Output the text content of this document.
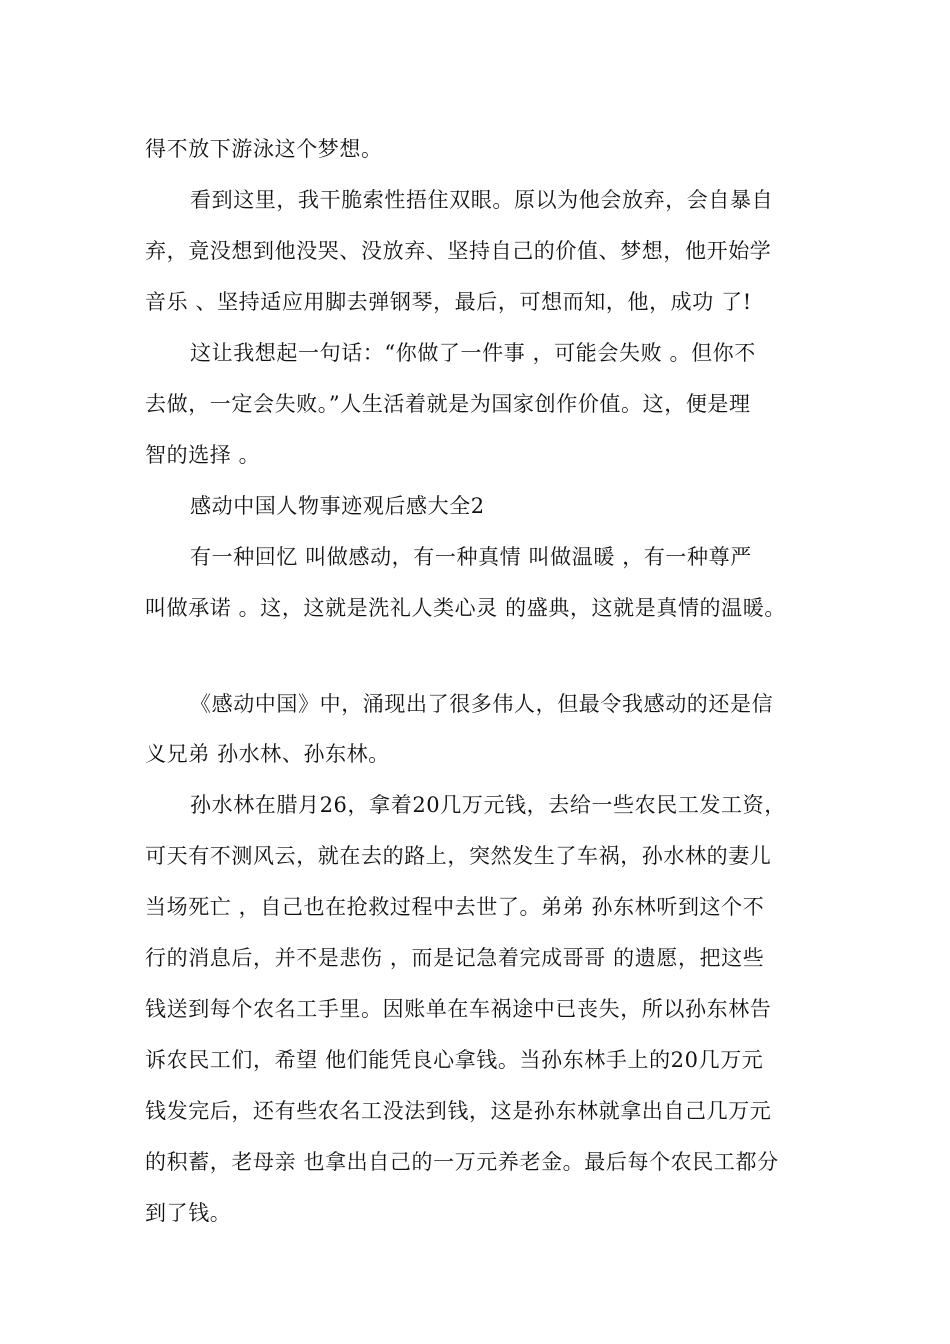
得不放下游泳这个梦想。
看到这里，我干脆索性捂住双眼。原以为他会放弃，会自暴自
弃，竟没想到他没哭、没放弃、坚持自己的价值、梦想，他开始学
音乐 、坚持适应用脚去弹钢琴，最后，可想而知，他，成功 了!
这让我想起一句话：“你做了一件事 ，可能会失败 。但你不
去做，一定会失败。”人生活着就是为国家创作价值。这，便是理
智的选择 。
感动中国人物事迹观后感大全2
有一种回忆 叫做感动，有一种真情 叫做温暖 ，有一种尊严
叫做承诺 。这，这就是洗礼人类心灵 的盛典，这就是真情的温暖。
《感动中国》中，涌现出了很多伟人，但最令我感动的还是信
义兄弟 孙水林、孙东林。
孙水林在腊月26，拿着20几万元钱，去给一些农民工发工资，
可天有不测风云，就在去的路上，突然发生了车祸，孙水林的妻儿
当场死亡 ，自己也在抢救过程中去世了。弟弟 孙东林听到这个不
行的消息后，并不是悲伤 ，而是记急着完成哥哥 的遗愿，把这些
钱送到每个农名工手里。因账单在车祸途中已丧失，所以孙东林告
诉农民工们，希望 他们能凭良心拿钱。当孙东林手上的20几万元
钱发完后，还有些农名工没法到钱，这是孙东林就拿出自己几万元
的积蓄，老母亲 也拿出自己的一万元养老金。最后每个农民工都分
到了钱。
